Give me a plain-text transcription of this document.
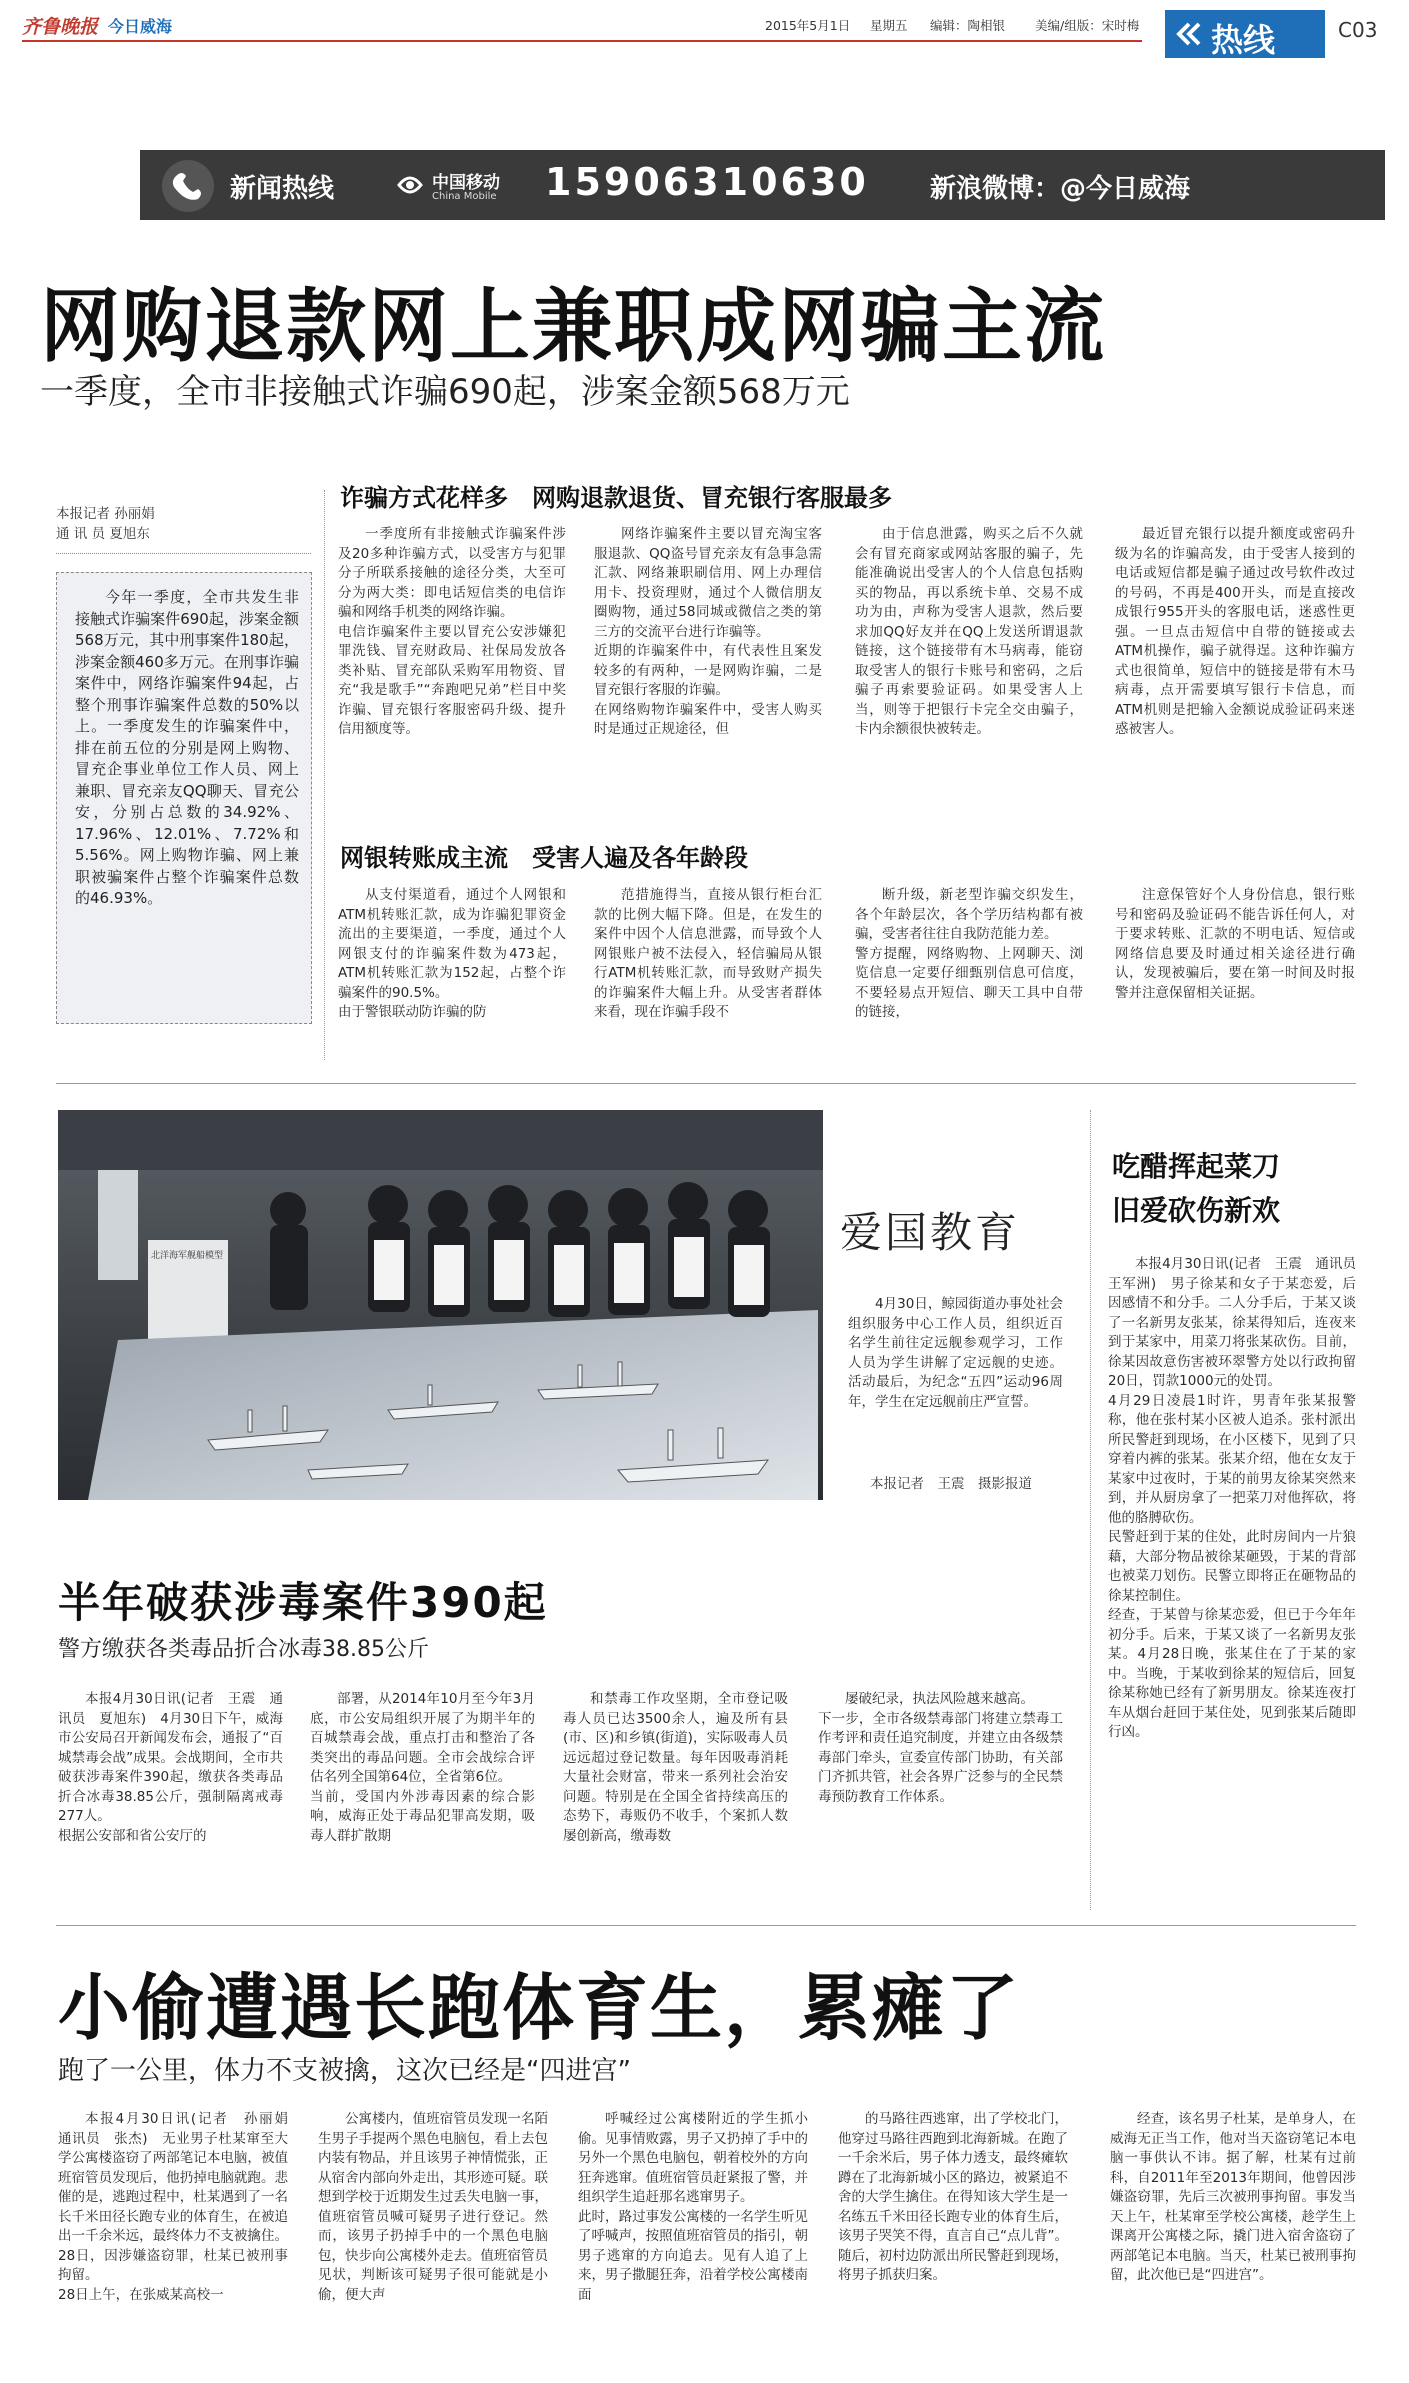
齐鲁晚报 今日威海	2015年5月1日 星期五 编辑：陶相银 美编/组版：宋时梅 热线	C03
新闻热线	中国移动
China Mobile 15906310630 新浪微博：@今日威海
网购退款网上兼职成网骗主流
一季度，全市非接触式诈骗690起，涉案金额568万元
本报记者 孙丽娟
通 讯 员 夏旭东
今年一季度，全市共发生非接触式诈骗案件690起，涉案金额568万元，其中刑事案件180起，涉案金额460多万元。在刑事诈骗案件中，网络诈骗案件94起，占整个刑事诈骗案件总数的50%以上。一季度发生的诈骗案件中，排在前五位的分别是网上购物、冒充企事业单位工作人员、网上兼职、冒充亲友QQ聊天、冒充公安，分别占总数的34.92%、17.96%、12.01%、7.72%和5.56%。网上购物诈骗、网上兼职被骗案件占整个诈骗案件总数的46.93%。
诈骗方式花样多　网购退款退货、冒充银行客服最多

一季度所有非接触式诈骗案件涉及20多种诈骗方式，以受害方与犯罪分子所联系接触的途径分类，大至可分为两大类：即电话短信类的电信诈骗和网络手机类的网络诈骗。
电信诈骗案件主要以冒充公安涉嫌犯罪洗钱、冒充财政局、社保局发放各类补贴、冒充部队采购军用物资、冒充“我是歌手”“奔跑吧兄弟”栏目中奖诈骗、冒充银行客服密码升级、提升信用额度等。

网络诈骗案件主要以冒充淘宝客服退款、QQ盗号冒充亲友有急事急需汇款、网络兼职刷信用、网上办理信用卡、投资理财，通过个人微信朋友圈购物，通过58同城或微信之类的第三方的交流平台进行诈骗等。
近期的诈骗案件中，有代表性且案发较多的有两种，一是网购诈骗，二是冒充银行客服的诈骗。
在网络购物诈骗案件中，受害人购买时是通过正规途径，但

由于信息泄露，购买之后不久就会有冒充商家或网站客服的骗子，先能准确说出受害人的个人信息包括购买的物品，再以系统卡单、交易不成功为由，声称为受害人退款，然后要求加QQ好友并在QQ上发送所谓退款链接，这个链接带有木马病毒，能窃取受害人的银行卡账号和密码，之后骗子再索要验证码。如果受害人上当，则等于把银行卡完全交由骗子，卡内余额很快被转走。

最近冒充银行以提升额度或密码升级为名的诈骗高发，由于受害人接到的电话或短信都是骗子通过改号软件改过的号码，不再是400开头，而是直接改成银行955开头的客服电话，迷惑性更强。一旦点击短信中自带的链接或去ATM机操作，骗子就得逞。这种诈骗方式也很简单，短信中的链接是带有木马病毒，点开需要填写银行卡信息，而ATM机则是把输入金额说成验证码来迷惑被害人。

网银转账成主流　受害人遍及各年龄段

从支付渠道看，通过个人网银和ATM机转账汇款，成为诈骗犯罪资金流出的主要渠道，一季度，通过个人网银支付的诈骗案件数为473起，ATM机转账汇款为152起，占整个诈骗案件的90.5%。
由于警银联动防诈骗的防

范措施得当，直接从银行柜台汇款的比例大幅下降。但是，在发生的案件中因个人信息泄露，而导致个人网银账户被不法侵入，轻信骗局从银行ATM机转账汇款，而导致财产损失的诈骗案件大幅上升。从受害者群体来看，现在诈骗手段不

断升级，新老型诈骗交织发生，各个年龄层次，各个学历结构都有被骗，受害者往往自我防范能力差。
警方提醒，网络购物、上网聊天、浏览信息一定要仔细甄别信息可信度，不要轻易点开短信、聊天工具中自带的链接，

注意保管好个人身份信息，银行账号和密码及验证码不能告诉任何人，对于要求转账、汇款的不明电话、短信或网络信息要及时通过相关途径进行确认，发现被骗后，要在第一时间及时报警并注意保留相关证据。

北洋海军舰船模型	爱国教育

4月30日，鲸园街道办事处社会组织服务中心工作人员，组织近百名学生前往定远舰参观学习，工作人员为学生讲解了定远舰的史迹。活动最后，为纪念“五四”运动96周年，学生在定远舰前庄严宣誓。

本报记者　王震　摄影报道
吃醋挥起菜刀
旧爱砍伤新欢

本报4月30日讯(记者　王震　通讯员　王军洲)　男子徐某和女子于某恋爱，后因感情不和分手。二人分手后，于某又谈了一名新男友张某，徐某得知后，连夜来到于某家中，用菜刀将张某砍伤。目前，徐某因故意伤害被环翠警方处以行政拘留20日，罚款1000元的处罚。
4月29日凌晨1时许，男青年张某报警称，他在张村某小区被人追杀。张村派出所民警赶到现场，在小区楼下，见到了只穿着内裤的张某。张某介绍，他在女友于某家中过夜时，于某的前男友徐某突然来到，并从厨房拿了一把菜刀对他挥砍，将他的胳膊砍伤。
民警赶到于某的住处，此时房间内一片狼藉，大部分物品被徐某砸毁，于某的背部也被菜刀划伤。民警立即将正在砸物品的徐某控制住。
经查，于某曾与徐某恋爱，但已于今年年初分手。后来，于某又谈了一名新男友张某。4月28日晚，张某住在了于某的家中。当晚，于某收到徐某的短信后，回复徐某称她已经有了新男朋友。徐某连夜打车从烟台赶回于某住处，见到张某后随即行凶。

半年破获涉毒案件390起
警方缴获各类毒品折合冰毒38.85公斤

本报4月30日讯(记者　王震　通讯员　夏旭东)　4月30日下午，威海市公安局召开新闻发布会，通报了“百城禁毒会战”成果。会战期间，全市共破获涉毒案件390起，缴获各类毒品折合冰毒38.85公斤，强制隔离戒毒277人。
根据公安部和省公安厅的

部署，从2014年10月至今年3月底，市公安局组织开展了为期半年的百城禁毒会战，重点打击和整治了各类突出的毒品问题。全市会战综合评估名列全国第64位，全省第6位。
当前，受国内外涉毒因素的综合影响，威海正处于毒品犯罪高发期，吸毒人群扩散期

和禁毒工作攻坚期，全市登记吸毒人员已达3500余人，遍及所有县(市、区)和乡镇(街道)，实际吸毒人员远远超过登记数量。每年因吸毒消耗大量社会财富，带来一系列社会治安问题。特别是在全国全省持续高压的态势下，毒贩仍不收手，个案抓人数屡创新高，缴毒数

屡破纪录，执法风险越来越高。
下一步，全市各级禁毒部门将建立禁毒工作考评和责任追究制度，并建立由各级禁毒部门牵头，宣委宣传部门协助，有关部门齐抓共管，社会各界广泛参与的全民禁毒预防教育工作体系。

小偷遭遇长跑体育生，累瘫了
跑了一公里，体力不支被擒，这次已经是“四进宫”

本报4月30日讯(记者　孙丽娟　通讯员　张杰)　无业男子杜某窜至大学公寓楼盗窃了两部笔记本电脑，被值班宿管员发现后，他扔掉电脑就跑。悲催的是，逃跑过程中，杜某遇到了一名长千米田径长跑专业的体育生，在被追出一千余米远，最终体力不支被擒住。28日，因涉嫌盗窃罪，杜某已被刑事拘留。
28日上午，在张威某高校一

公寓楼内，值班宿管员发现一名陌生男子手提两个黑色电脑包，看上去包内装有物品，并且该男子神情慌张，正从宿舍内部向外走出，其形迹可疑。联想到学校于近期发生过丢失电脑一事，值班宿管员喊可疑男子进行登记。然而，该男子扔掉手中的一个黑色电脑包，快步向公寓楼外走去。值班宿管员见状，判断该可疑男子很可能就是小偷，便大声

呼喊经过公寓楼附近的学生抓小偷。见事情败露，男子又扔掉了手中的另外一个黑色电脑包，朝着校外的方向狂奔逃窜。值班宿管员赶紧报了警，并组织学生追赶那名逃窜男子。
此时，路过事发公寓楼的一名学生听见了呼喊声，按照值班宿管员的指引，朝男子逃窜的方向追去。见有人追了上来，男子撒腿狂奔，沿着学校公寓楼南面

的马路往西逃窜，出了学校北门，他穿过马路往西跑到北海新城。在跑了一千余米后，男子体力透支，最终瘫软蹲在了北海新城小区的路边，被紧追不舍的大学生擒住。在得知该大学生是一名练五千米田径长跑专业的体育生后，该男子哭笑不得，直言自己“点儿背”。随后，初村边防派出所民警赶到现场，将男子抓获归案。

经查，该名男子杜某，是单身人，在威海无正当工作，他对当天盗窃笔记本电脑一事供认不讳。据了解，杜某有过前科，自2011年至2013年期间，他曾因涉嫌盗窃罪，先后三次被刑事拘留。事发当天上午，杜某窜至学校公寓楼，趁学生上课离开公寓楼之际，撬门进入宿舍盗窃了两部笔记本电脑。当天，杜某已被刑事拘留，此次他已是“四进宫”。
